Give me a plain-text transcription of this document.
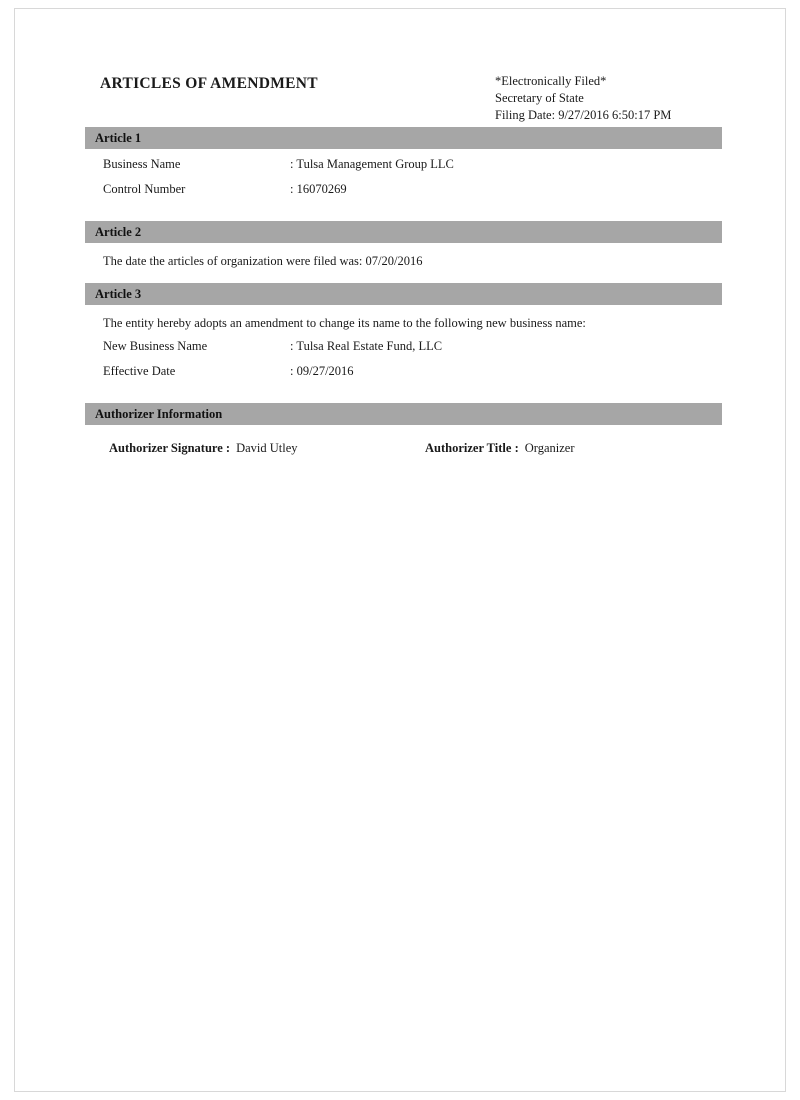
ARTICLES OF AMENDMENT	*Electronically Filed*
Secretary of State
Filing Date: 9/27/2016 6:50:17 PM
Article 1
Business Name	: Tulsa Management Group LLC
Control Number	: 16070269
Article 2
The date the articles of organization were filed was: 07/20/2016
Article 3
The entity hereby adopts an amendment to change its name to the following new business name:
New Business Name	: Tulsa Real Estate Fund, LLC
Effective Date	: 09/27/2016
Authorizer Information
Authorizer Signature : David Utley	Authorizer Title : Organizer
